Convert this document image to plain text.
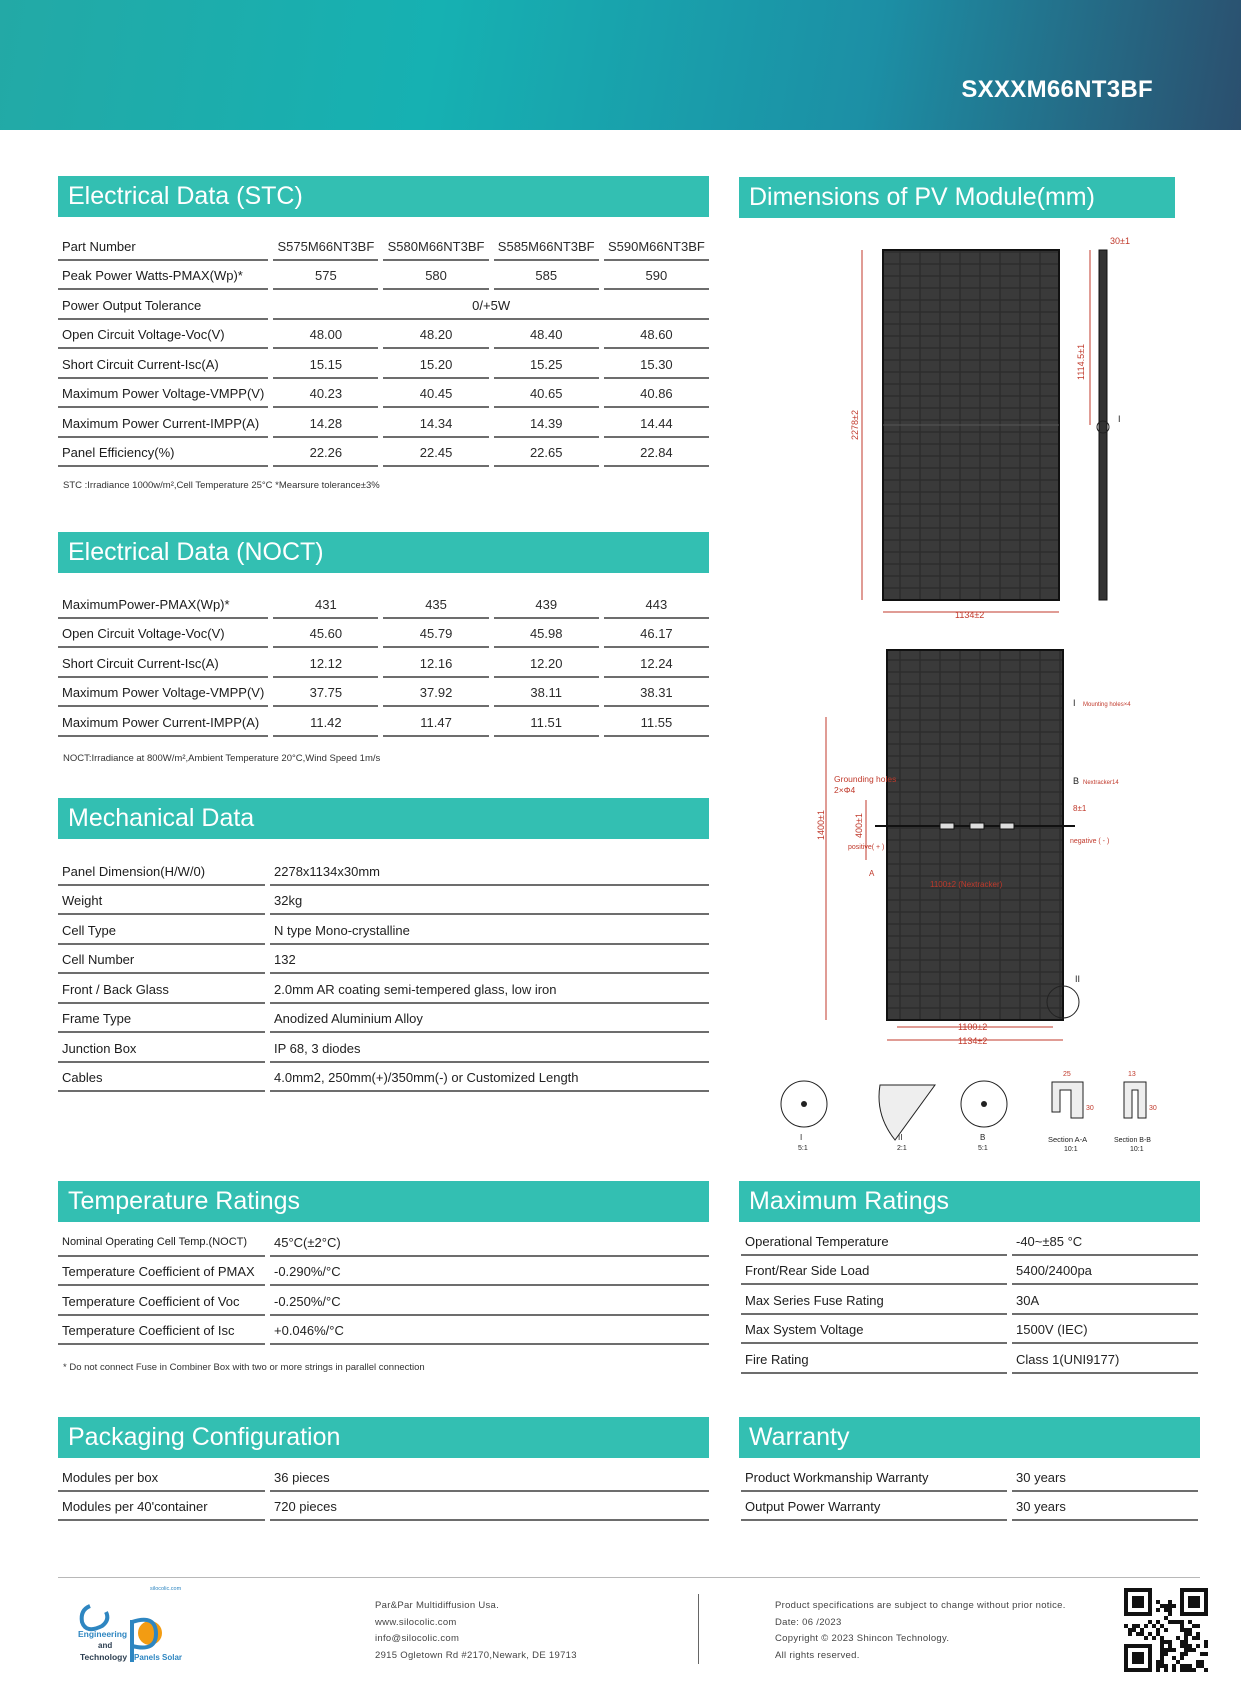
SXXXM66NT3BF
Electrical Data (STC)
Part Number	S575M66NT3BF	S580M66NT3BF	S585M66NT3BF	S590M66NT3BF
Peak Power Watts-PMAX(Wp)*	575	580	585	590
Power Output Tolerance	0/+5W			
Open Circuit Voltage-Voc(V)	48.00	48.20	48.40	48.60
Short Circuit Current-Isc(A)	15.15	15.20	15.25	15.30
Maximum Power Voltage-VMPP(V)	40.23	40.45	40.65	40.86
Maximum Power Current-IMPP(A)	14.28	14.34	14.39	14.44
Panel Efficiency(%)	22.26	22.45	22.65	22.84
STC :Irradiance 1000w/m²,Cell Temperature 25°C *Mearsure tolerance±3%
Electrical Data (NOCT)
MaximumPower-PMAX(Wp)*	431	435	439	443
Open Circuit Voltage-Voc(V)	45.60	45.79	45.98	46.17
Short Circuit Current-Isc(A)	12.12	12.16	12.20	12.24
Maximum Power Voltage-VMPP(V)	37.75	37.92	38.11	38.31
Maximum Power Current-IMPP(A)	11.42	11.47	11.51	11.55
NOCT:Irradiance at 800W/m²,Ambient Temperature 20°C,Wind Speed 1m/s
Mechanical Data
Panel Dimension(H/W/0)	2278x1134x30mm
Weight	32kg
Cell Type	N type Mono-crystalline
Cell Number	132
Front / Back Glass	2.0mm AR coating semi-tempered glass, low iron
Frame Type	Anodized Aluminium Alloy
Junction Box	IP 68, 3 diodes
Cables	4.0mm2, 250mm(+)/350mm(-) or Customized Length
Temperature Ratings
Nominal Operating Cell Temp.(NOCT)	45°C(±2°C)
Temperature Coefficient of PMAX	-0.290%/°C
Temperature Coefficient of Voc	-0.250%/°C
Temperature Coefficient of Isc	+0.046%/°C
* Do not connect Fuse in Combiner Box with two or more strings in parallel connection
Packaging Configuration
Modules per box	36 pieces
Modules per 40'container	720 pieces
Dimensions of PV Module(mm)
Maximum Ratings
Operational Temperature	-40~±85 °C
Front/Rear Side Load	5400/2400pa
Max Series Fuse Rating	30A
Max System Voltage	1500V (IEC)
Fire Rating	Class 1(UNI9177)
Warranty
Product Workmanship Warranty	30 years
Output Power Warranty	30 years
2278±2
1134±2
1114.5±1
30±1
I
I Mounting holes×4
Grounding holes
2×Φ4
B Nextracker14
8±1
negative ( - )
positive( + )
1400±1	400±1
A
1100±2 (Nextracker)
II
1100±2
1134±2
I
5:1
II
2:1
B
5:1
25
30
Section A-A
10:1
13
30
Section B-B
10:1
silocolic.com
Engineering
and
Technology Panels Solar
Par&Par Multidiffusion Usa.
www.silocolic.com
info@silocolic.com
2915 Ogletown Rd #2170,Newark, DE 19713
Product specifications are subject to change without prior notice.
Date: 06 /2023
Copyright © 2023 Shincon Technology.
All rights reserved.
